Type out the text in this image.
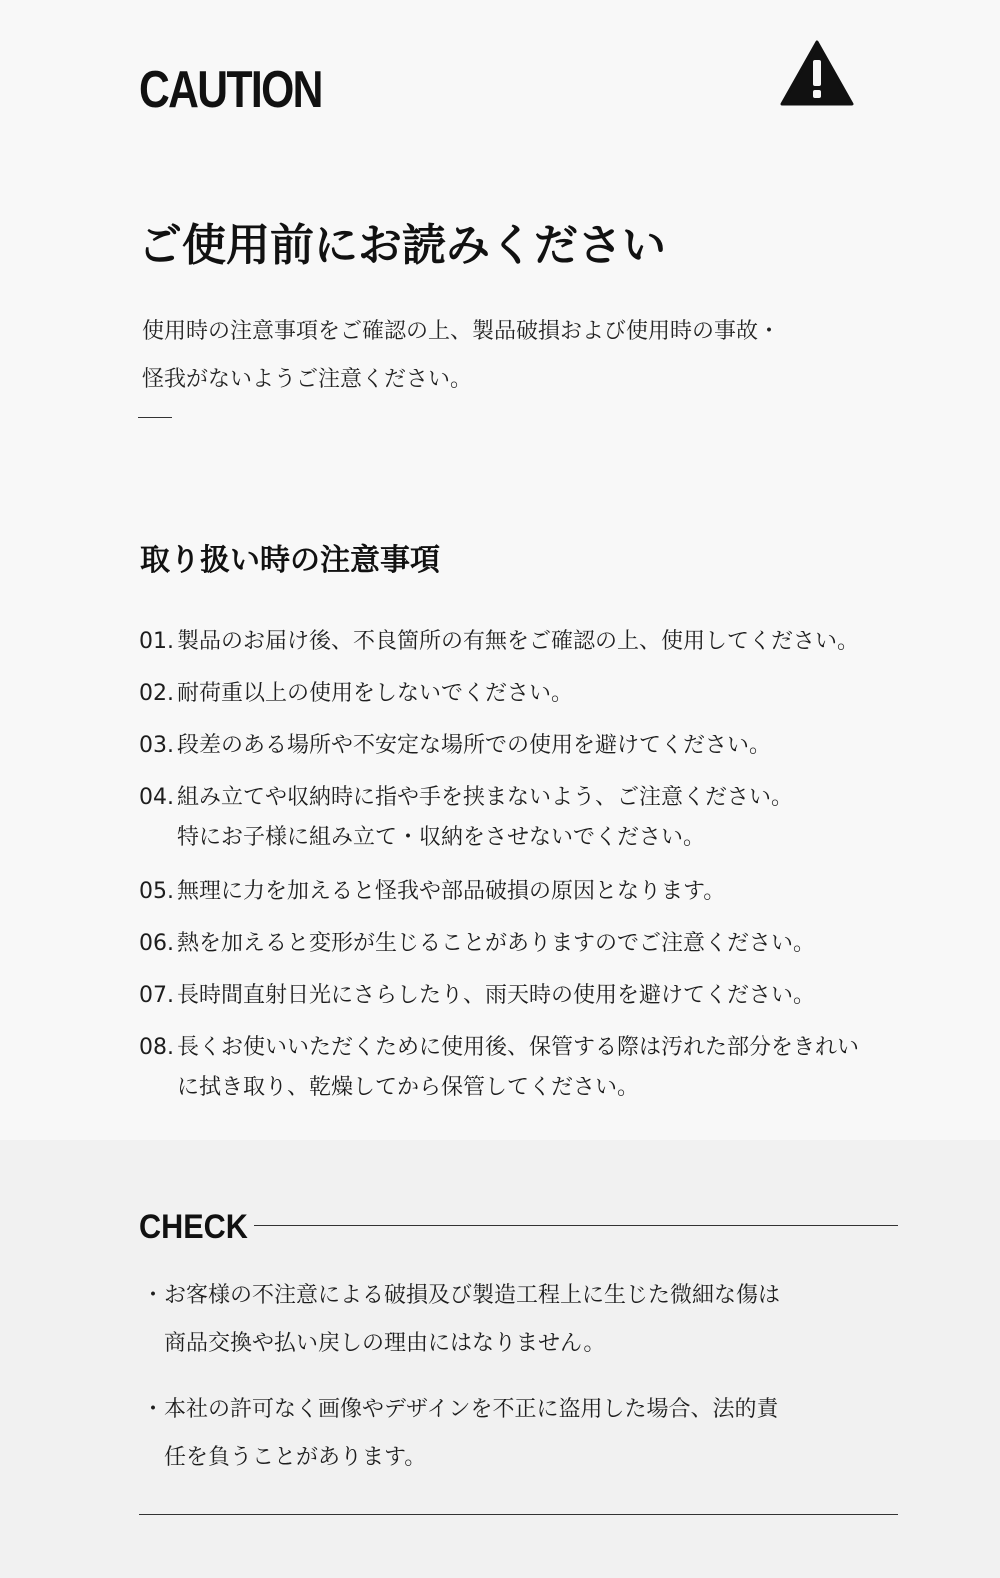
CAUTION
ご使用前にお読みください
使用時の注意事項をご確認の上、製品破損および使用時の事故・
怪我がないようご注意ください。
取り扱い時の注意事項
01. 製品のお届け後、不良箇所の有無をご確認の上、使用してください。
02. 耐荷重以上の使用をしないでください。
03. 段差のある場所や不安定な場所での使用を避けてください。
04. 組み立てや収納時に指や手を挟まないよう、ご注意ください。
特にお子様に組み立て・収納をさせないでください。
05. 無理に力を加えると怪我や部品破損の原因となります。
06. 熱を加えると変形が生じることがありますのでご注意ください。
07. 長時間直射日光にさらしたり、雨天時の使用を避けてください。
08. 長くお使いいただくために使用後、保管する際は汚れた部分をきれい
に拭き取り、乾燥してから保管してください。
CHECK
・お客様の不注意による破損及び製造工程上に生じた微細な傷は
商品交換や払い戻しの理由にはなりません。
・本社の許可なく画像やデザインを不正に盗用した場合、法的責
任を負うことがあります。
